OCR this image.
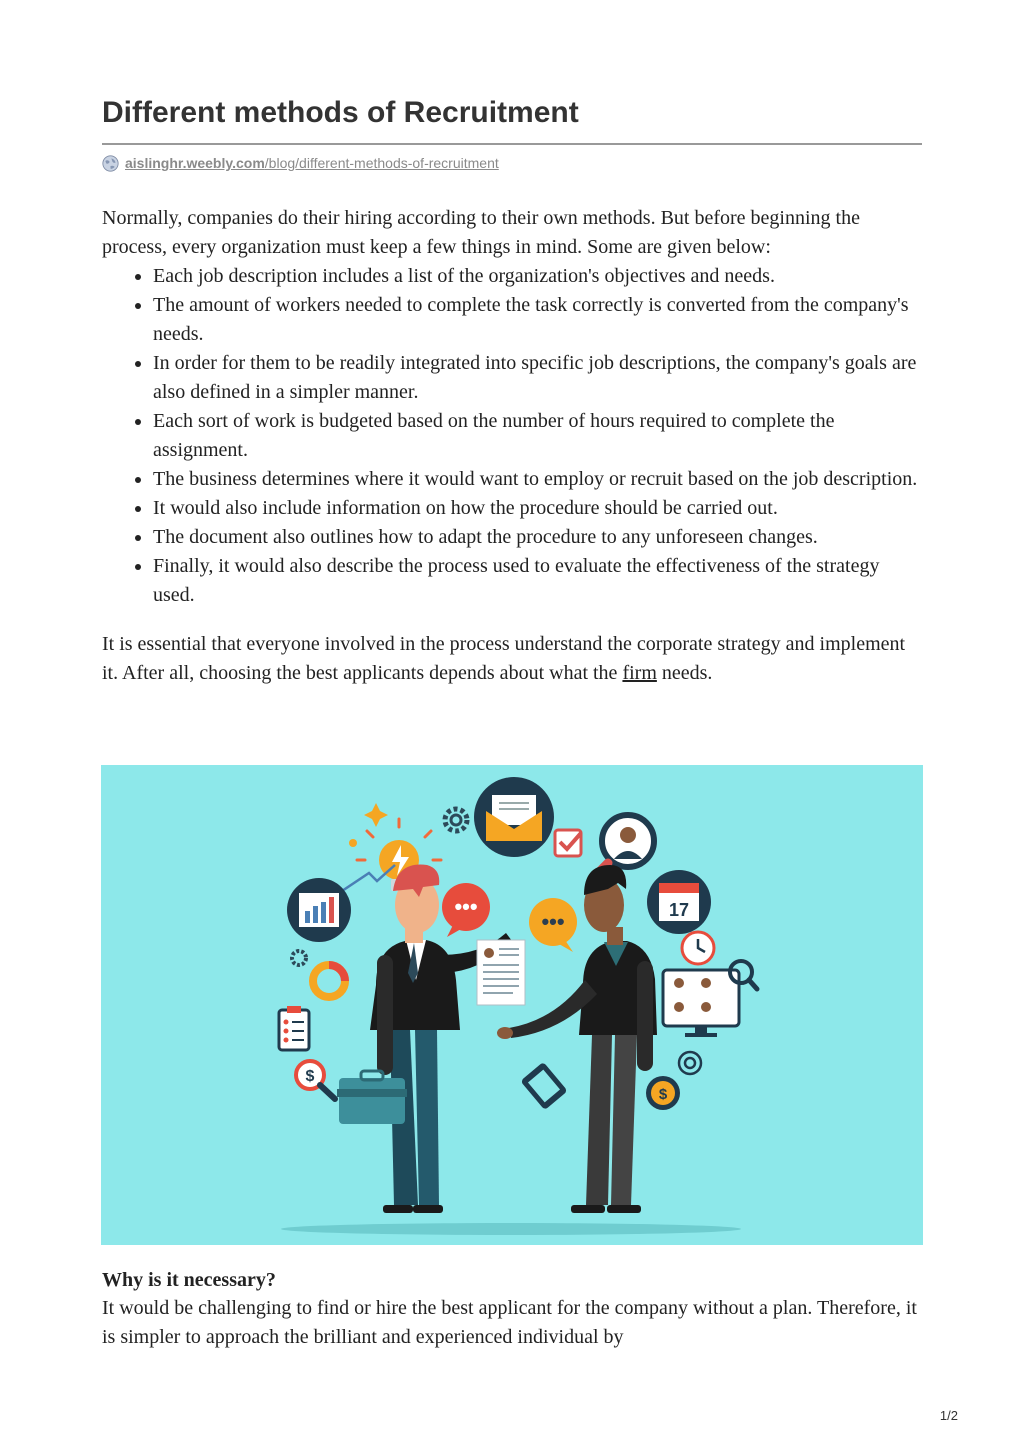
Different methods of Recruitment
aislinghr.weebly.com/blog/different-methods-of-recruitment

Normally, companies do their hiring according to their own methods. But before beginning the process, every organization must keep a few things in mind. Some are given below:

• Each job description includes a list of the organization's objectives and needs.
• The amount of workers needed to complete the task correctly is converted from the company's needs.
• In order for them to be readily integrated into specific job descriptions, the company's goals are also defined in a simpler manner.
• Each sort of work is budgeted based on the number of hours required to complete the assignment.
• The business determines where it would want to employ or recruit based on the job description.
• It would also include information on how the procedure should be carried out.
• The document also outlines how to adapt the procedure to any unforeseen changes.
• Finally, it would also describe the process used to evaluate the effectiveness of the strategy used.

It is essential that everyone involved in the process understand the corporate strategy and implement it. After all, choosing the best applicants depends about what the firm needs.

•••
•••	17
$
$
Why is it necessary?

It would be challenging to find or hire the best applicant for the company without a plan. Therefore, it is simpler to approach the brilliant and experienced individual by

1/2
